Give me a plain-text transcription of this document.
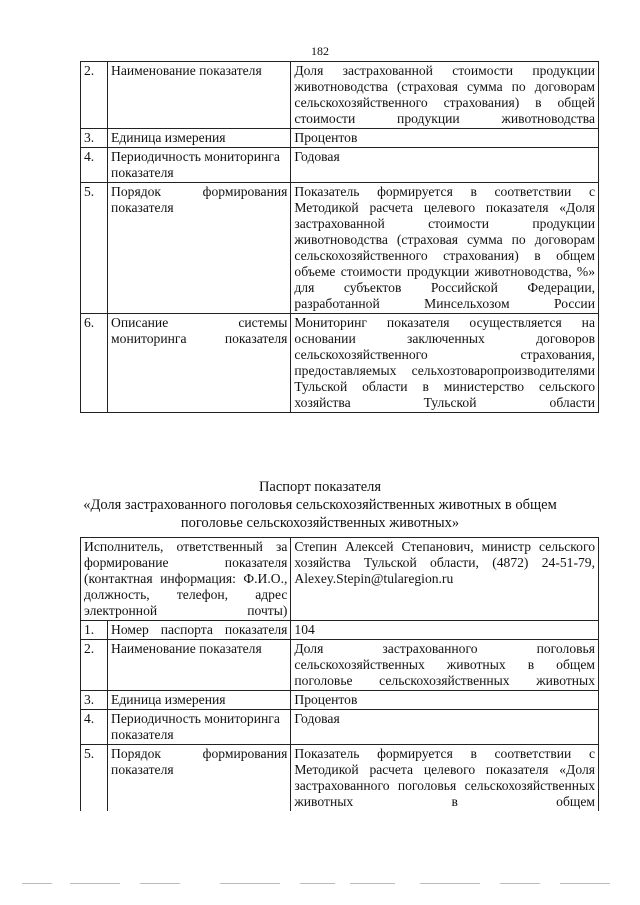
182
2.	Наименование показателя	Доля застрахованной стоимости продукции животноводства (страховая сумма по договорам сельскохозяйственного страхования) в общей стоимости продукции животноводства
3.	Единица измерения	Процентов
4.	Периодичность мониторинга показателя	Годовая
5.	Порядок формирования показателя	Показатель формируется в соответствии с Методикой расчета целевого показателя «Доля застрахованной стоимости продукции животноводства (страховая сумма по договорам сельскохозяйственного страхования) в общем объеме стоимости продукции животноводства, %» для субъектов Российской Федерации, разработанной Минсельхозом России
6.	Описание системы мониторинга показателя	Мониторинг показателя осуществляется на основании заключенных договоров сельскохозяйственного страхования, предоставляемых сельхозтоваропроизводителями Тульской области в министерство сельского хозяйства Тульской области
Паспорт показателя
«Доля застрахованного поголовья сельскохозяйственных животных в общем
поголовье сельскохозяйственных животных»
Исполнитель, ответственный за формирование показателя (контактная информация: Ф.И.О., должность, телефон, адрес электронной почты)		Степин Алексей Степанович, министр сельского хозяйства Тульской области, (4872) 24-51-79, Alexey.Stepin@tularegion.ru
1.	Номер паспорта показателя	104
2.	Наименование показателя	Доля застрахованного поголовья сельскохозяйственных животных в общем поголовье сельскохозяйственных животных
3.	Единица измерения	Процентов
4.	Периодичность мониторинга показателя	Годовая
5.	Порядок формирования показателя	Показатель формируется в соответствии с Методикой расчета целевого показателя «Доля застрахованного поголовья сельскохозяйственных животных в общем
